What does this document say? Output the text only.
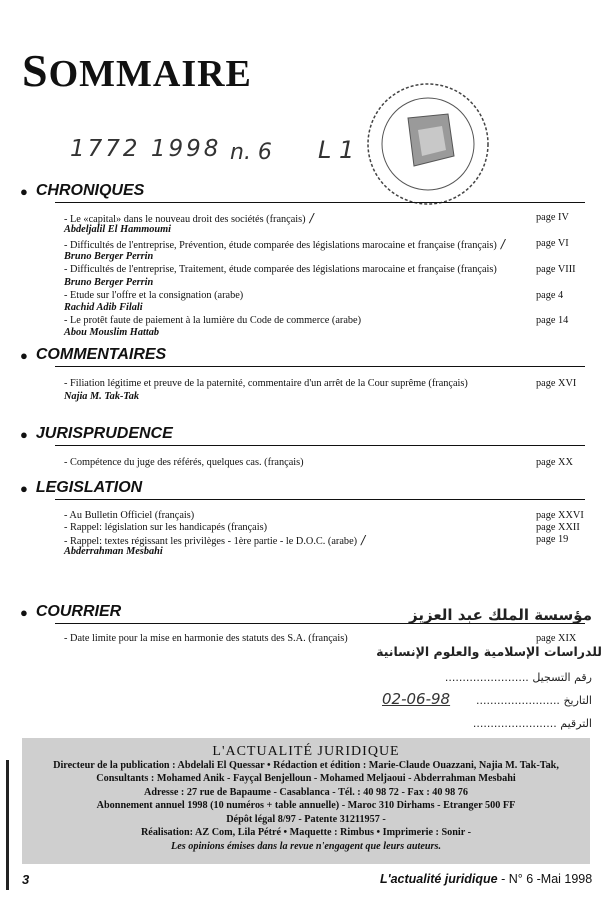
SOMMAIRE
1772 1998 n. 6 L 1
● CHRONIQUES
- Le «capital» dans le nouveau droit des sociétés (français) /	page IV
Abdeljalil El Hammoumi
- Difficultés de l'entreprise, Prévention, étude comparée des législations marocaine et française (français) /	page VI
Bruno Berger Perrin
- Difficultés de l'entreprise, Traitement, étude comparée des législations marocaine et française (français)	page VIII
Bruno Berger Perrin
- Etude sur l'offre et la consignation (arabe)	page 4
Rachid Adib Filali
- Le protêt faute de paiement à la lumière du Code de commerce (arabe)	page 14
Abou Mouslim Hattab
● COMMENTAIRES
- Filiation légitime et preuve de la paternité, commentaire d'un arrêt de la Cour suprême (français)	page XVI
Najia M. Tak-Tak
● JURISPRUDENCE
- Compétence du juge des référés, quelques cas. (français)	page XX
● LEGISLATION
- Au Bulletin Officiel (français)	page XXVI
- Rappel: législation sur les handicapés (français)	page XXII
- Rappel: textes régissant les privilèges - 1ère partie - le D.O.C. (arabe) /	page 19
Abderrahman Mesbahi
● COURRIER
- Date limite pour la mise en harmonie des statuts des S.A. (français)	page XIX
مؤسسة الملك عبد العزيز
للدراسات الإسلامية والعلوم الإنسانية
رقم التسجيل ........................
التاريخ ........................
02-06-98
الترقيم ........................
L'ACTUALITÉ JURIDIQUE
Directeur de la publication : Abdelali El Quessar • Rédaction et édition : Marie-Claude Ouazzani, Najia M. Tak-Tak,
Consultants : Mohamed Anik - Fayçal Benjelloun - Mohamed Meljaoui - Abderrahman Mesbahi
Adresse : 27 rue de Bapaume - Casablanca - Tél. : 40 98 72 - Fax : 40 98 76
Abonnement annuel 1998 (10 numéros + table annuelle) - Maroc 310 Dirhams - Etranger 500 FF
Dépôt légal 8/97 - Patente 31211957 -
Réalisation: AZ Com, Lila Pétré • Maquette : Rimbus • Imprimerie : Sonir -
Les opinions émises dans la revue n'engagent que leurs auteurs.
3	L'actualité juridique - N° 6 -Mai 1998
